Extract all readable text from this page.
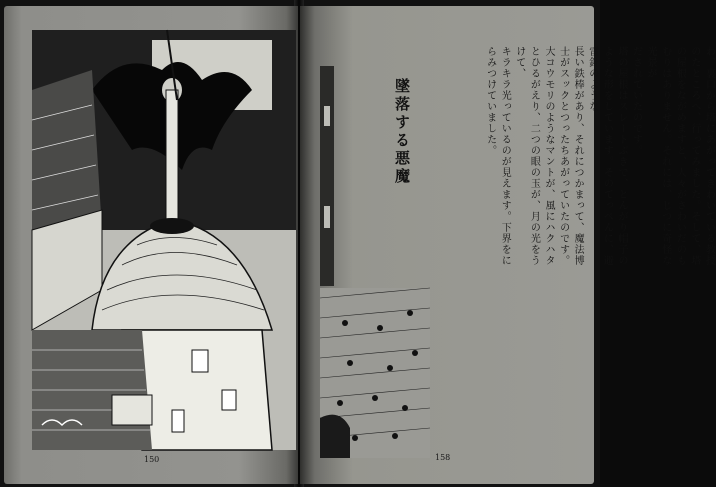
150
わ、裏口から塔にあがってきわいている教授のたところへ、行ってみました。そして、塔の屋根をながめますと、人々がさわいだのもむりはありません。それには、じつに奇怪な光景が
だされていたのです。
塔の屋根はスレートぶきで、とんがり帽子のような形をしています。そのてっぺんに、避雷針のような
長い鉄棒があり、それにつかまって、魔法博士がスックとつったちあがっていたのです。
大コウモリのようなマントが、風にハクハタとひるがえり、二つの眼の玉が、月の光をうけて、
キラキラ光っているのが見えます。下界をにらみつけていました。
墜落する悪魔
158
